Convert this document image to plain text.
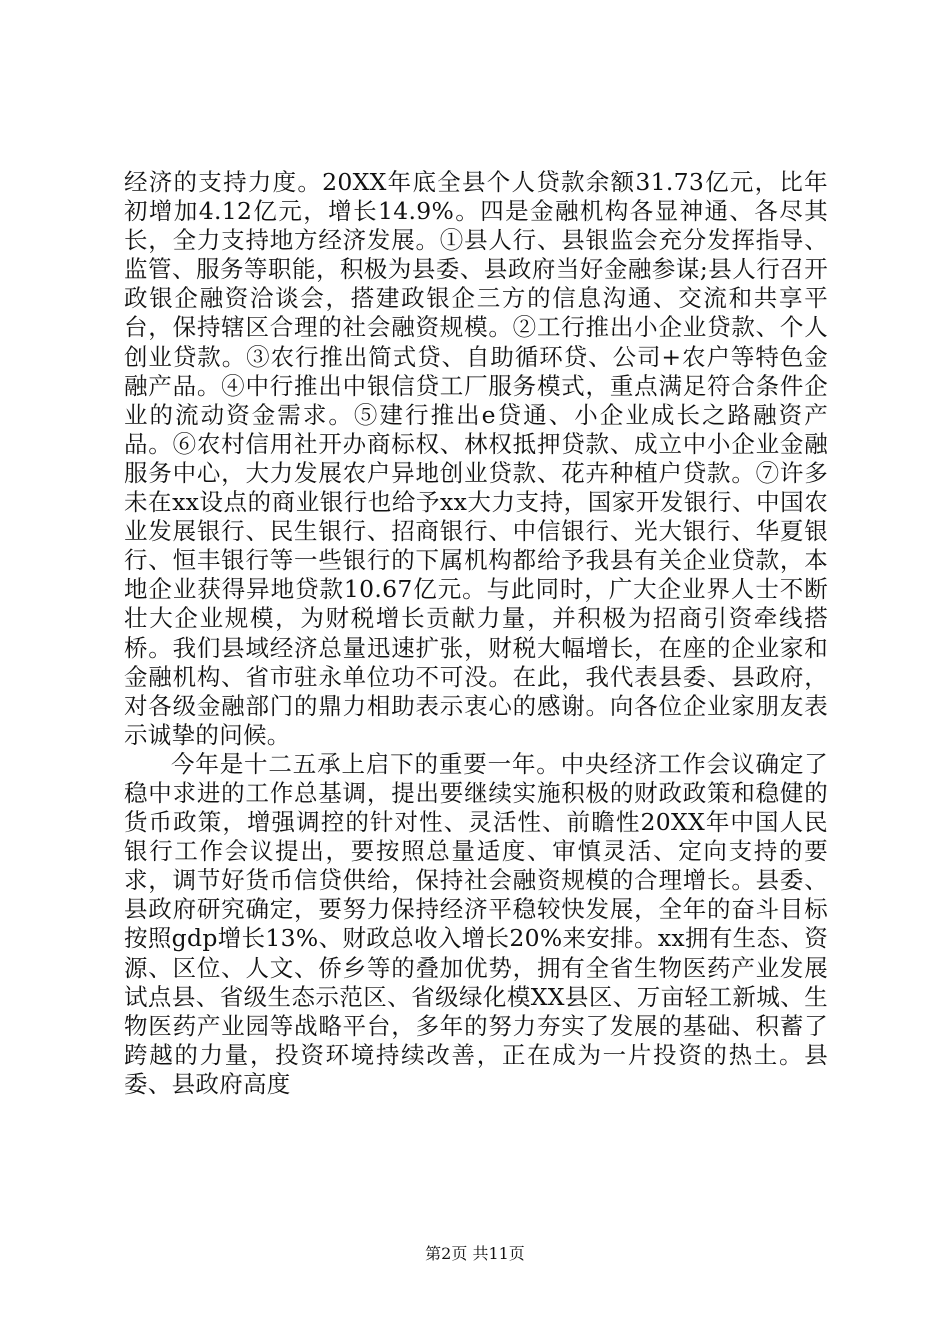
经济的支持力度。20XX年底全县个人贷款余额31.73亿元，比年初增加4.12亿元，增长14.9%。四是金融机构各显神通、各尽其长，全力支持地方经济发展。①县人行、县银监会充分发挥指导、监管、服务等职能，积极为县委、县政府当好金融参谋;县人行召开政银企融资洽谈会，搭建政银企三方的信息沟通、交流和共享平台，保持辖区合理的社会融资规模。②工行推出小企业贷款、个人创业贷款。③农行推出简式贷、自助循环贷、公司+农户等特色金融产品。④中行推出中银信贷工厂服务模式，重点满足符合条件企业的流动资金需求。⑤建行推出e贷通、小企业成长之路融资产品。⑥农村信用社开办商标权、林权抵押贷款、成立中小企业金融服务中心，大力发展农户异地创业贷款、花卉种植户贷款。⑦许多未在xx设点的商业银行也给予xx大力支持，国家开发银行、中国农业发展银行、民生银行、招商银行、中信银行、光大银行、华夏银行、恒丰银行等一些银行的下属机构都给予我县有关企业贷款，本地企业获得异地贷款10.67亿元。与此同时，广大企业界人士不断壮大企业规模，为财税增长贡献力量，并积极为招商引资牵线搭桥。我们县域经济总量迅速扩张，财税大幅增长，在座的企业家和金融机构、省市驻永单位功不可没。在此，我代表县委、县政府，对各级金融部门的鼎力相助表示衷心的感谢。向各位企业家朋友表示诚挚的问候。

今年是十二五承上启下的重要一年。中央经济工作会议确定了稳中求进的工作总基调，提出要继续实施积极的财政政策和稳健的货币政策，增强调控的针对性、灵活性、前瞻性20XX年中国人民银行工作会议提出，要按照总量适度、审慎灵活、定向支持的要求，调节好货币信贷供给，保持社会融资规模的合理增长。县委、县政府研究确定，要努力保持经济平稳较快发展，全年的奋斗目标按照gdp增长13%、财政总收入增长20%来安排。xx拥有生态、资源、区位、人文、侨乡等的叠加优势，拥有全省生物医药产业发展试点县、省级生态示范区、省级绿化模XX县区、万亩轻工新城、生物医药产业园等战略平台，多年的努力夯实了发展的基础、积蓄了跨越的力量，投资环境持续改善，正在成为一片投资的热土。县委、县政府高度

第2页 共11页
